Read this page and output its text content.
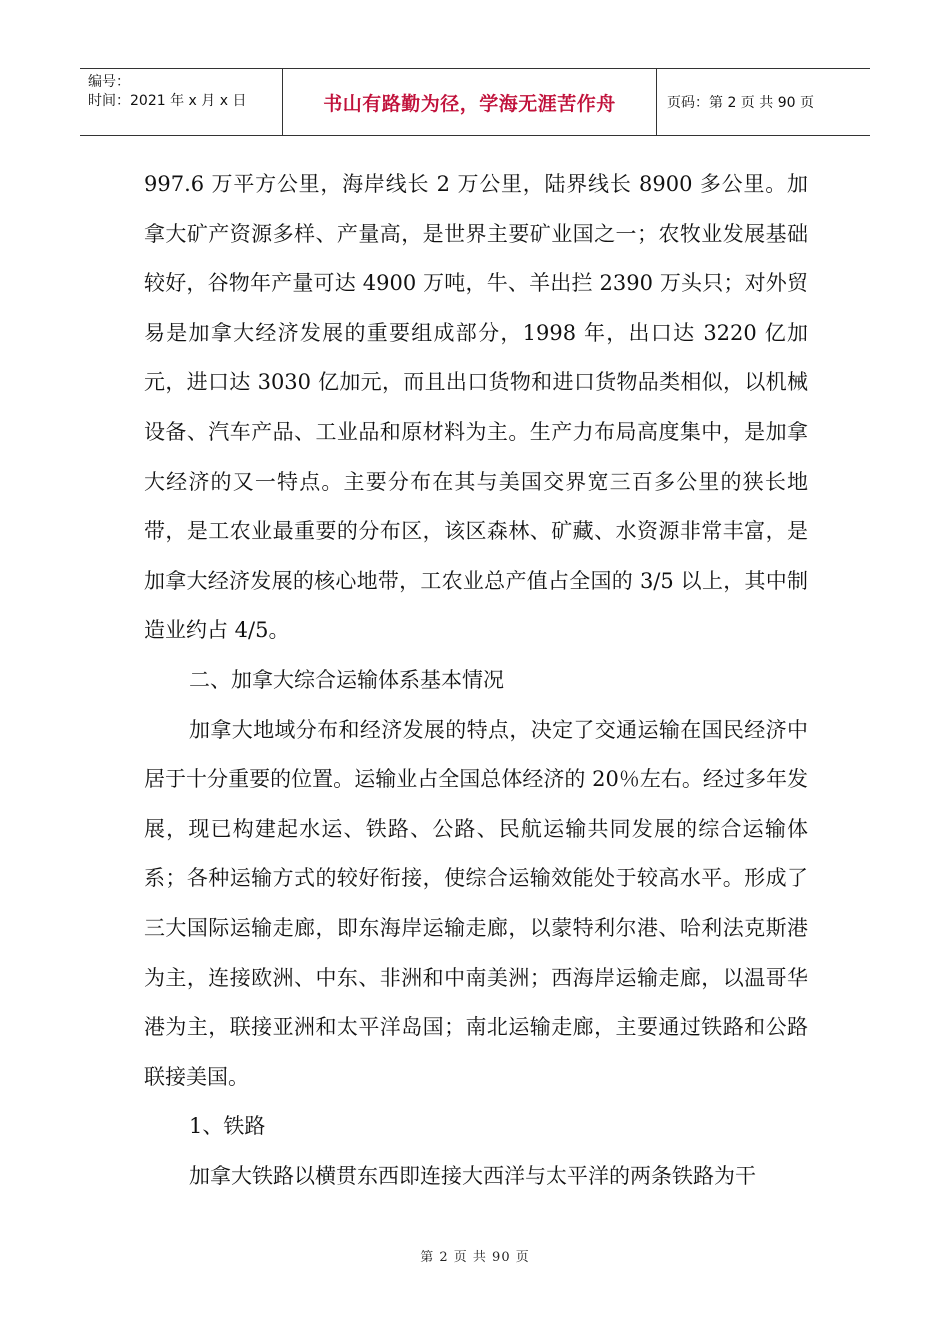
编号：
时间：2021 年 x 月 x 日	书山有路勤为径，学海无涯苦作舟	页码：第 2 页 共 90 页

997.6 万平方公里，海岸线长 2 万公里，陆界线长 8900 多公里。加拿大矿产资源多样、产量高，是世界主要矿业国之一；农牧业发展基础较好，谷物年产量可达 4900 万吨，牛、羊出拦 2390 万头只；对外贸易是加拿大经济发展的重要组成部分，1998 年，出口达 3220 亿加元，进口达 3030 亿加元，而且出口货物和进口货物品类相似，以机械设备、汽车产品、工业品和原材料为主。生产力布局高度集中，是加拿大经济的又一特点。主要分布在其与美国交界宽三百多公里的狭长地带，是工农业最重要的分布区，该区森林、矿藏、水资源非常丰富，是加拿大经济发展的核心地带，工农业总产值占全国的 3/5 以上，其中制造业约占 4/5。

二、加拿大综合运输体系基本情况

加拿大地域分布和经济发展的特点，决定了交通运输在国民经济中居于十分重要的位置。运输业占全国总体经济的 20％左右。经过多年发展，现已构建起水运、铁路、公路、民航运输共同发展的综合运输体系；各种运输方式的较好衔接，使综合运输效能处于较高水平。形成了三大国际运输走廊，即东海岸运输走廊，以蒙特利尔港、哈利法克斯港为主，连接欧洲、中东、非洲和中南美洲；西海岸运输走廊，以温哥华港为主，联接亚洲和太平洋岛国；南北运输走廊，主要通过铁路和公路联接美国。

1、铁路

加拿大铁路以横贯东西即连接大西洋与太平洋的两条铁路为干

第 2 页 共 90 页
